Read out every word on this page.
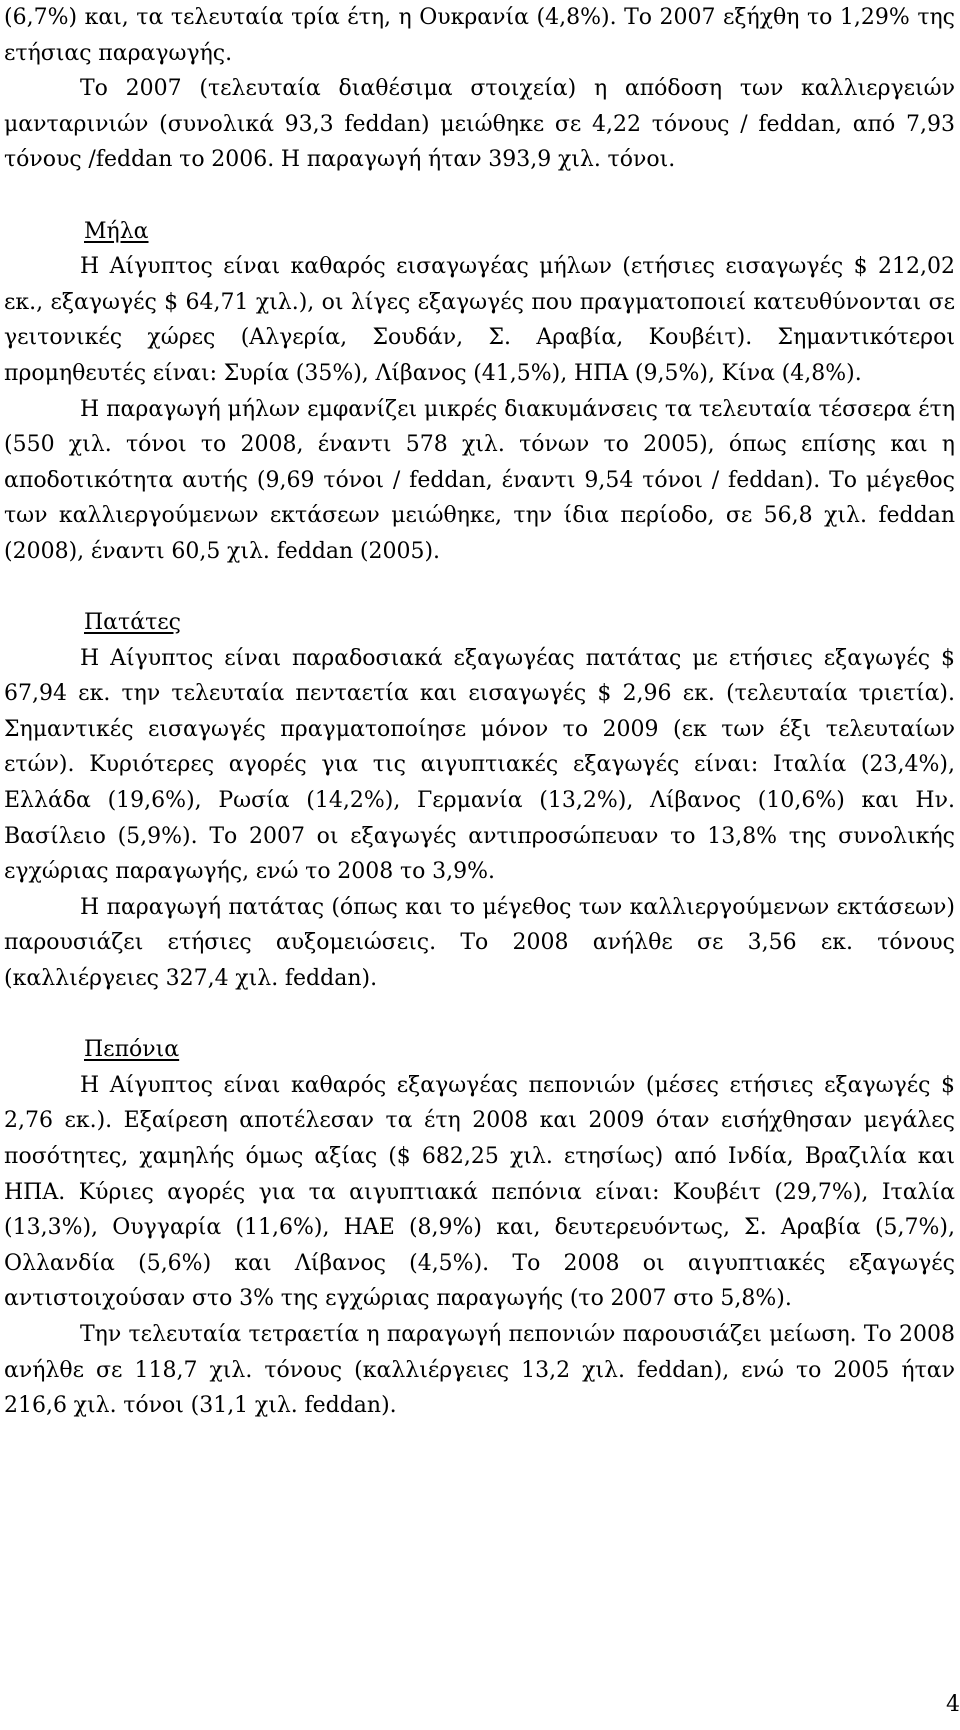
(6,7%) και, τα τελευταία τρία έτη, η Ουκρανία (4,8%). Το 2007 εξήχθη το 1,29% της ετήσιας παραγωγής.

Το 2007 (τελευταία διαθέσιμα στοιχεία) η απόδοση των καλλιεργειών μανταρινιών (συνολικά 93,3 feddan) μειώθηκε σε 4,22 τόνους / feddan, από 7,93 τόνους /feddan το 2006. Η παραγωγή ήταν 393,9 χιλ. τόνοι.

Μήλα

Η Αίγυπτος είναι καθαρός εισαγωγέας μήλων (ετήσιες εισαγωγές $ 212,02 εκ., εξαγωγές $ 64,71 χιλ.), οι λίγες εξαγωγές που πραγματοποιεί κατευθύνονται σε γειτονικές χώρες (Αλγερία, Σουδάν, Σ. Αραβία, Κουβέιτ). Σημαντικότεροι προμηθευτές είναι: Συρία (35%), Λίβανος (41,5%), ΗΠΑ (9,5%), Κίνα (4,8%).

Η παραγωγή μήλων εμφανίζει μικρές διακυμάνσεις τα τελευταία τέσσερα έτη (550 χιλ. τόνοι το 2008, έναντι 578 χιλ. τόνων το 2005), όπως επίσης και η αποδοτικότητα αυτής (9,69 τόνοι / feddan, έναντι 9,54 τόνοι / feddan). Το μέγεθος των καλλιεργούμενων εκτάσεων μειώθηκε, την ίδια περίοδο, σε 56,8 χιλ. feddan (2008), έναντι 60,5 χιλ. feddan (2005).

Πατάτες

Η Αίγυπτος είναι παραδοσιακά εξαγωγέας πατάτας με ετήσιες εξαγωγές $ 67,94 εκ. την τελευταία πενταετία και εισαγωγές $ 2,96 εκ. (τελευταία τριετία). Σημαντικές εισαγωγές πραγματοποίησε μόνον το 2009 (εκ των έξι τελευταίων ετών). Κυριότερες αγορές για τις αιγυπτιακές εξαγωγές είναι: Ιταλία (23,4%), Ελλάδα (19,6%), Ρωσία (14,2%), Γερμανία (13,2%), Λίβανος (10,6%) και Ην. Βασίλειο (5,9%). Το 2007 οι εξαγωγές αντιπροσώπευαν το 13,8% της συνολικής εγχώριας παραγωγής, ενώ το 2008 το 3,9%.

Η παραγωγή πατάτας (όπως και το μέγεθος των καλλιεργούμενων εκτάσεων) παρουσιάζει ετήσιες αυξομειώσεις. Το 2008 ανήλθε σε 3,56 εκ. τόνους (καλλιέργειες 327,4 χιλ. feddan).

Πεπόνια

Η Αίγυπτος είναι καθαρός εξαγωγέας πεπονιών (μέσες ετήσιες εξαγωγές $ 2,76 εκ.). Εξαίρεση αποτέλεσαν τα έτη 2008 και 2009 όταν εισήχθησαν μεγάλες ποσότητες, χαμηλής όμως αξίας ($ 682,25 χιλ. ετησίως) από Ινδία, Βραζιλία και ΗΠΑ. Κύριες αγορές για τα αιγυπτιακά πεπόνια είναι: Κουβέιτ (29,7%), Ιταλία (13,3%), Ουγγαρία (11,6%), ΗΑΕ (8,9%) και, δευτερευόντως, Σ. Αραβία (5,7%), Ολλανδία (5,6%) και Λίβανος (4,5%). Το 2008 οι αιγυπτιακές εξαγωγές αντιστοιχούσαν στο 3% της εγχώριας παραγωγής (το 2007 στο 5,8%).

Την τελευταία τετραετία η παραγωγή πεπονιών παρουσιάζει μείωση. Το 2008 ανήλθε σε 118,7 χιλ. τόνους (καλλιέργειες 13,2 χιλ. feddan), ενώ το 2005 ήταν 216,6 χιλ. τόνοι (31,1 χιλ. feddan).

4
